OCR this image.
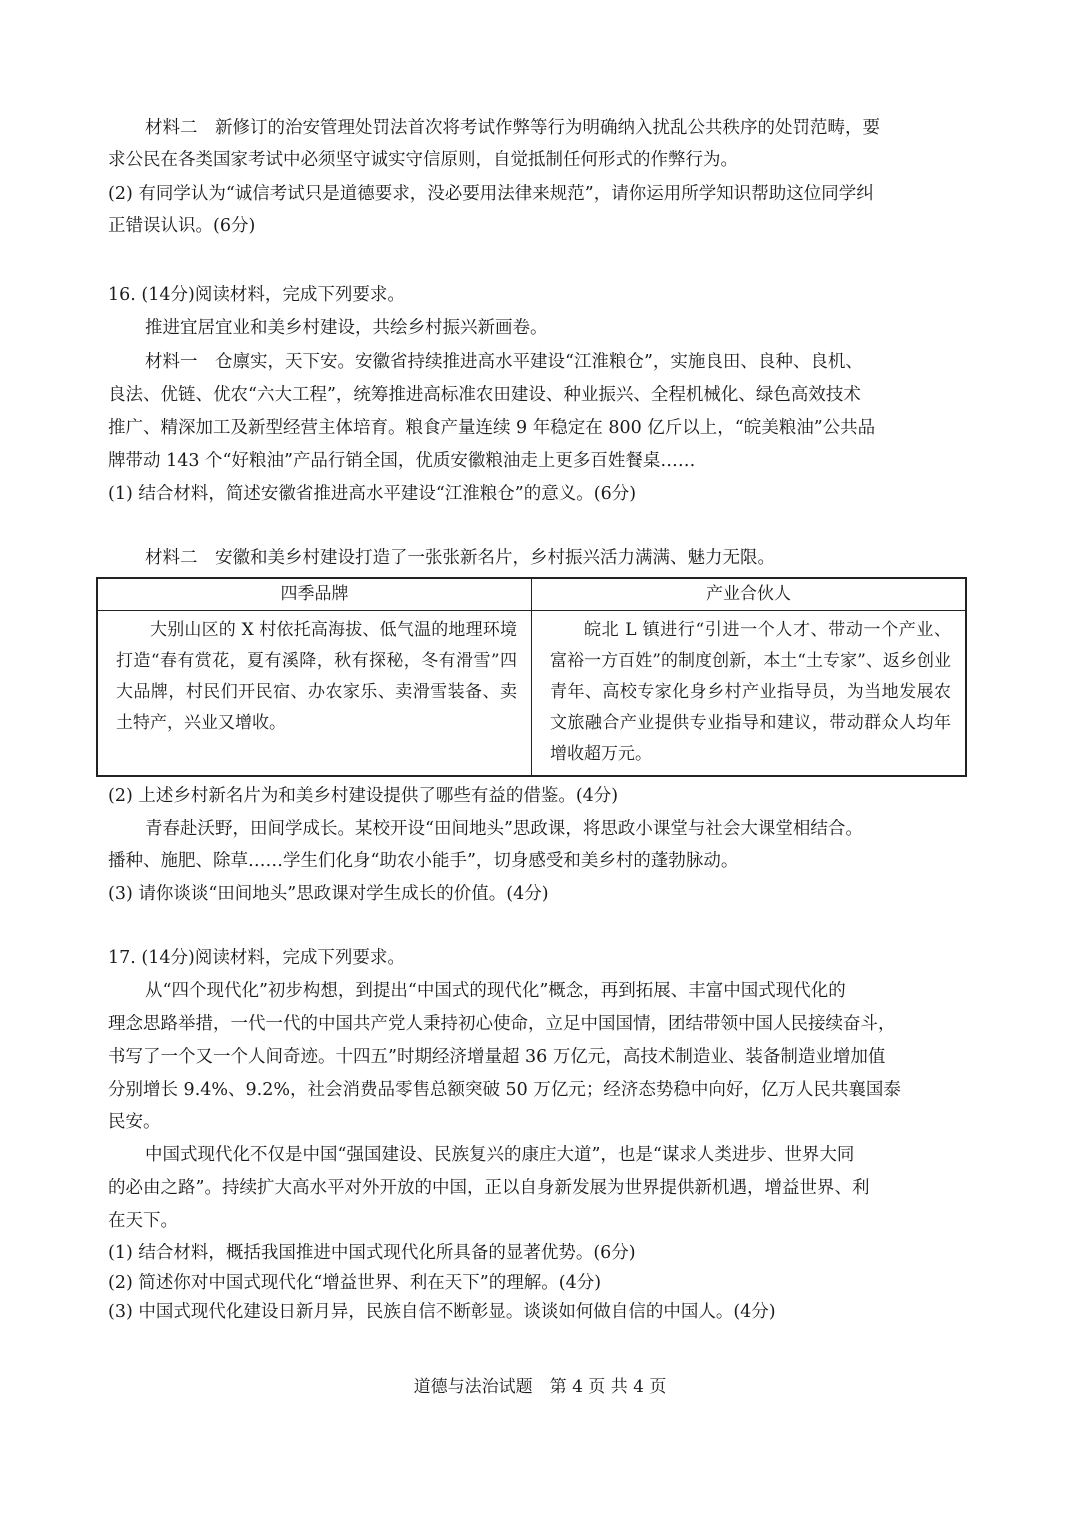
材料二　新修订的治安管理处罚法首次将考试作弊等行为明确纳入扰乱公共秩序的处罚范畴，要
求公民在各类国家考试中必须坚守诚实守信原则，自觉抵制任何形式的作弊行为。
(2) 有同学认为“诚信考试只是道德要求，没必要用法律来规范”，请你运用所学知识帮助这位同学纠
正错误认识。(6分)
16. (14分)阅读材料，完成下列要求。
推进宜居宜业和美乡村建设，共绘乡村振兴新画卷。
材料一　仓廪实，天下安。安徽省持续推进高水平建设“江淮粮仓”，实施良田、良种、良机、
良法、优链、优农“六大工程”，统筹推进高标准农田建设、种业振兴、全程机械化、绿色高效技术
推广、精深加工及新型经营主体培育。粮食产量连续 9 年稳定在 800 亿斤以上，“皖美粮油”公共品
牌带动 143 个“好粮油”产品行销全国，优质安徽粮油走上更多百姓餐桌……
(1) 结合材料，简述安徽省推进高水平建设“江淮粮仓”的意义。(6分)
材料二　安徽和美乡村建设打造了一张张新名片，乡村振兴活力满满、魅力无限。
四季品牌	产业合伙人

大别山区的 X 村依托高海拔、低气温的地理环境打造“春有赏花，夏有溪降，秋有探秘，冬有滑雪”四大品牌，村民们开民宿、办农家乐、卖滑雪装备、卖土特产，兴业又增收。	皖北 L 镇进行“引进一个人才、带动一个产业、富裕一方百姓”的制度创新，本土“土专家”、返乡创业青年、高校专家化身乡村产业指导员，为当地发展农文旅融合产业提供专业指导和建议，带动群众人均年增收超万元。
(2) 上述乡村新名片为和美乡村建设提供了哪些有益的借鉴。(4分)
青春赴沃野，田间学成长。某校开设“田间地头”思政课，将思政小课堂与社会大课堂相结合。
播种、施肥、除草……学生们化身“助农小能手”，切身感受和美乡村的蓬勃脉动。
(3) 请你谈谈“田间地头”思政课对学生成长的价值。(4分)
17. (14分)阅读材料，完成下列要求。
从“四个现代化”初步构想，到提出“中国式的现代化”概念，再到拓展、丰富中国式现代化的
理念思路举措，一代一代的中国共产党人秉持初心使命，立足中国国情，团结带领中国人民接续奋斗，
书写了一个又一个人间奇迹。十四五”时期经济增量超 36 万亿元，高技术制造业、装备制造业增加值
分别增长 9.4%、9.2%，社会消费品零售总额突破 50 万亿元；经济态势稳中向好，亿万人民共襄国泰
民安。
中国式现代化不仅是中国“强国建设、民族复兴的康庄大道”，也是“谋求人类进步、世界大同
的必由之路”。持续扩大高水平对外开放的中国，正以自身新发展为世界提供新机遇，增益世界、利
在天下。
(1) 结合材料，概括我国推进中国式现代化所具备的显著优势。(6分)
(2) 简述你对中国式现代化“增益世界、利在天下”的理解。(4分)
(3) 中国式现代化建设日新月异，民族自信不断彰显。谈谈如何做自信的中国人。(4分)
道德与法治试题　第 4 页 共 4 页
